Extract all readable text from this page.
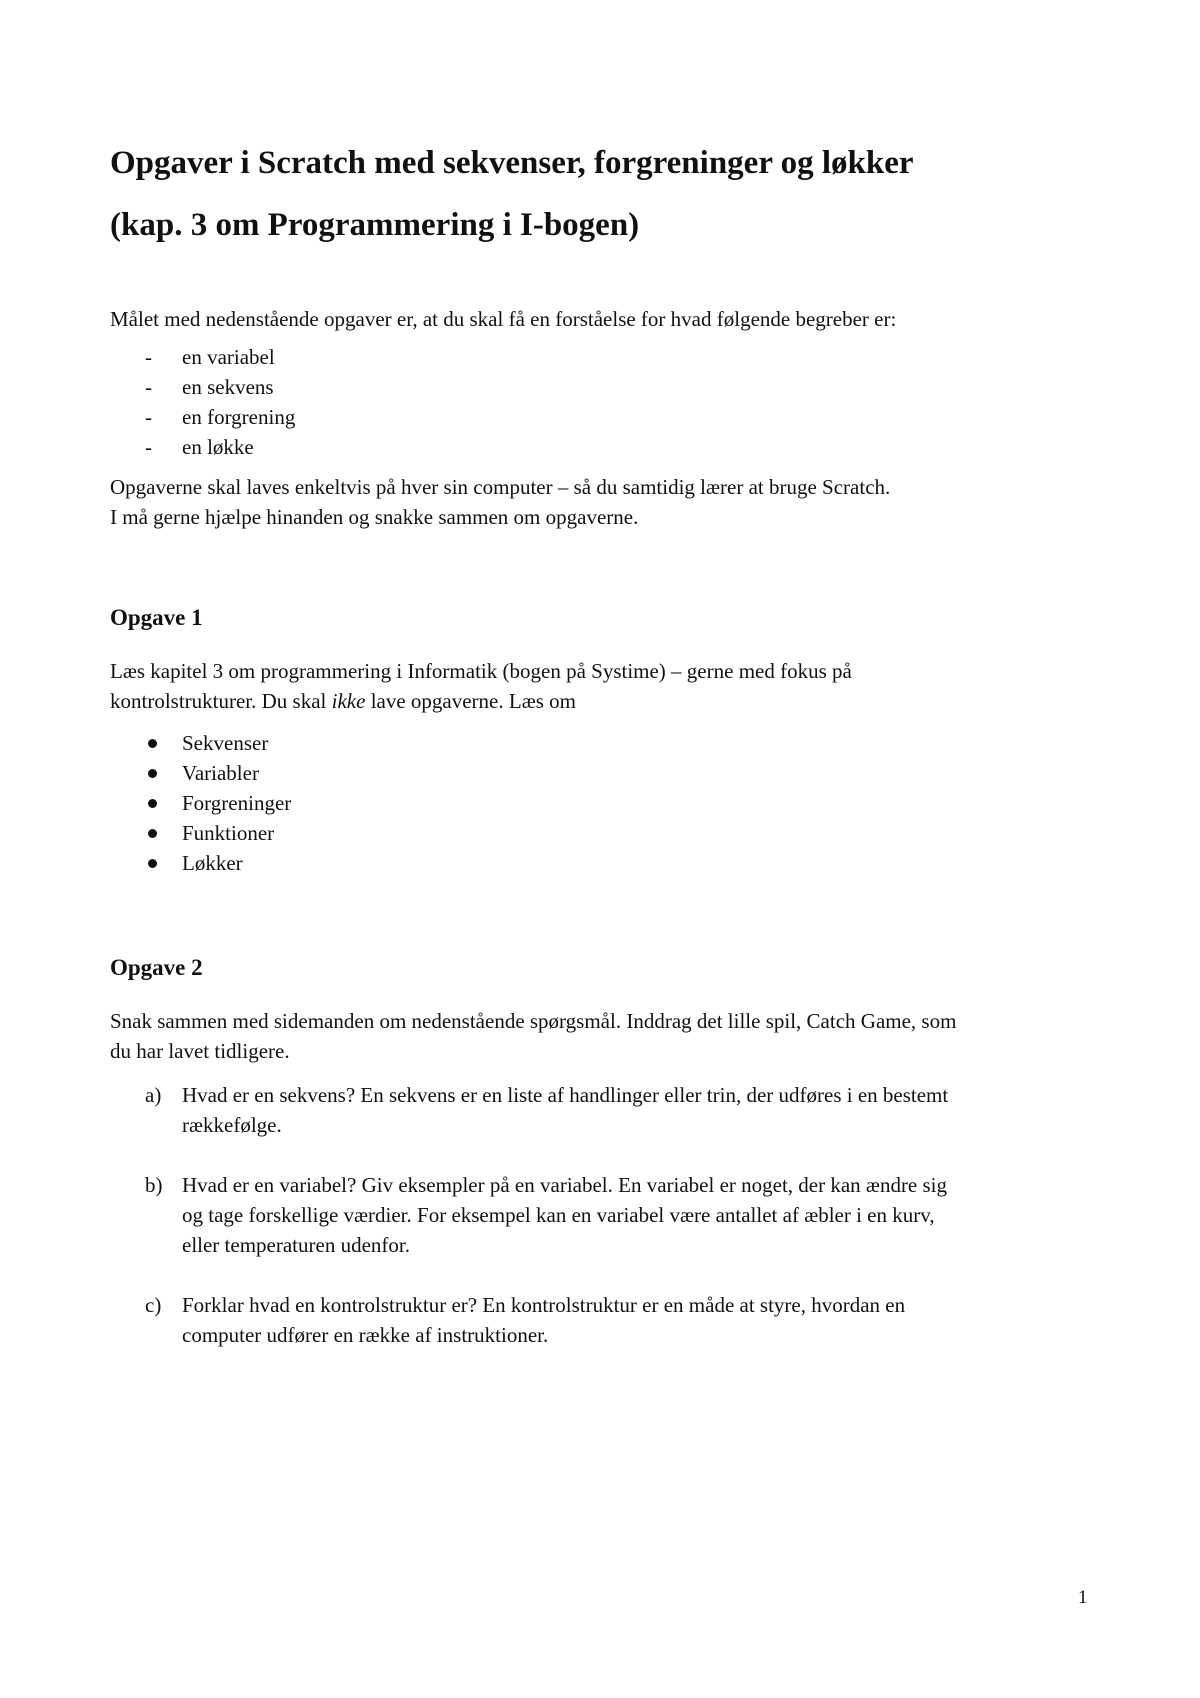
Opgaver i Scratch med sekvenser, forgreninger og løkker
(kap. 3 om Programmering i I-bogen)

Målet med nedenstående opgaver er, at du skal få en forståelse for hvad følgende begreber er:

- en variabel
- en sekvens
- en forgrening
- en løkke

Opgaverne skal laves enkeltvis på hver sin computer – så du samtidig lærer at bruge Scratch.
I må gerne hjælpe hinanden og snakke sammen om opgaverne.

Opgave 1

Læs kapitel 3 om programmering i Informatik (bogen på Systime) – gerne med fokus på
kontrolstrukturer. Du skal ikke lave opgaverne. Læs om

Sekvenser
Variabler
Forgreninger
Funktioner
Løkker
Opgave 2

Snak sammen med sidemanden om nedenstående spørgsmål. Inddrag det lille spil, Catch Game, som
du har lavet tidligere.

a) Hvad er en sekvens? En sekvens er en liste af handlinger eller trin, der udføres i en bestemt
rækkefølge.
b) Hvad er en variabel? Giv eksempler på en variabel. En variabel er noget, der kan ændre sig
og tage forskellige værdier. For eksempel kan en variabel være antallet af æbler i en kurv,
eller temperaturen udenfor.
c) Forklar hvad en kontrolstruktur er? En kontrolstruktur er en måde at styre, hvordan en
computer udfører en række af instruktioner.
1
